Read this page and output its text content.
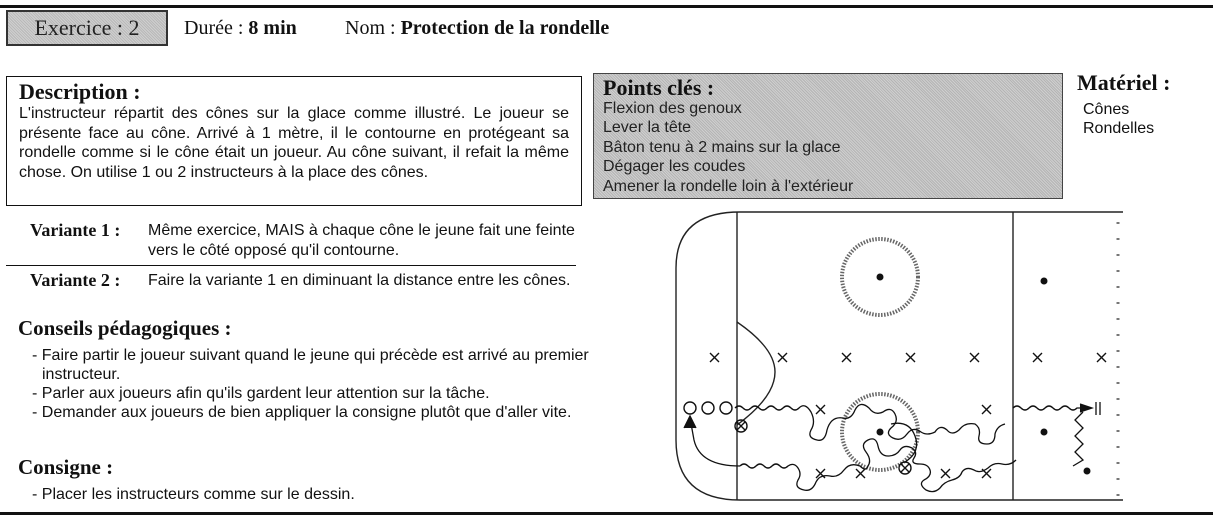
Exercice : 2	Durée : 8 min Nom : Protection de la rondelle
Description :
L'instructeur répartit des cônes sur la glace comme illustré. Le joueur se présente face au cône. Arrivé à 1 mètre, il le contourne en protégeant sa rondelle comme si le cône était un joueur. Au cône suivant, il refait la même chose. On utilise 1 ou 2 instructeurs à la place des cônes.
Variante 1 : Même exercice, MAIS à chaque cône le jeune fait une feinte vers le côté opposé qu'il contourne.
Variante 2 : Faire la variante 1 en diminuant la distance entre les cônes.
Conseils pédagogiques :
- Faire partir le joueur suivant quand le jeune qui précède est arrivé au premier instructeur.
- Parler aux joueurs afin qu'ils gardent leur attention sur la tâche.
- Demander aux joueurs de bien appliquer la consigne plutôt que d'aller vite.
Consigne :
- Placer les instructeurs comme sur le dessin.
Points clés :
Flexion des genoux
Lever la tête
Bâton tenu à 2 mains sur la glace
Dégager les coudes
Amener la rondelle loin à l'extérieur
Matériel :
Cônes
Rondelles
